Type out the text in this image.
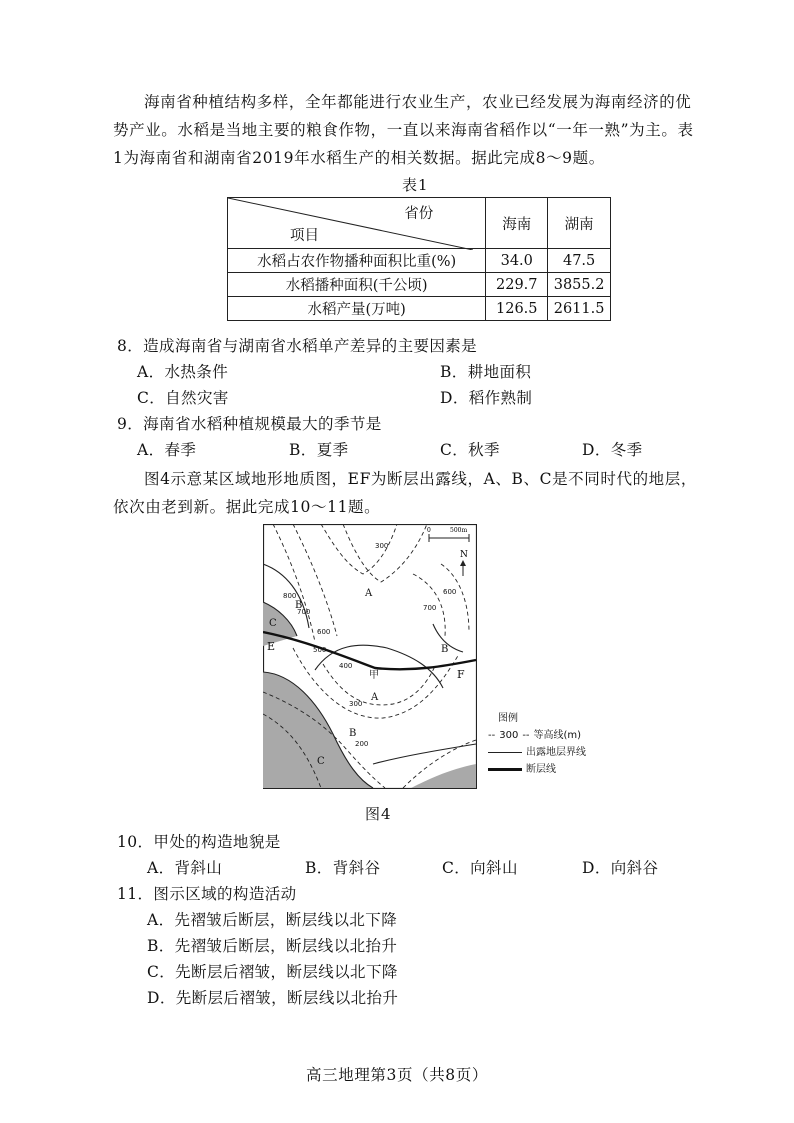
海南省种植结构多样，全年都能进行农业生产，农业已经发展为海南经济的优势产业。水稻是当地主要的粮食作物，一直以来海南省稻作以“一年一熟”为主。表1为海南省和湖南省2019年水稻生产的相关数据。据此完成8～9题。

表1
省份
项目	海南	湖南
水稻占农作物播种面积比重(%)	34.0	47.5
水稻播种面积(千公顷)	229.7	3855.2
水稻产量(万吨)	126.5	2611.5
8．造成海南省与湖南省水稻单产差异的主要因素是
A．水热条件	B．耕地面积
C．自然灾害	D．稻作熟制
9．海南省水稻种植规模最大的季节是
A．春季	B．夏季	C．秋季	D．冬季

图4示意某区域地形地质图，EF为断层出露线，A、B、C是不同时代的地层，依次由老到新。据此完成10～11题。

0	500m
N
A
A
B
B
B
C
C
E
F
甲
300
700
800
700
600
500
400
300
200
600
图例
-- 300 -- 等高线(m)
出露地层界线
断层线
图4
10．甲处的构造地貌是
A．背斜山	B．背斜谷	C．向斜山	D．向斜谷
11．图示区域的构造活动
A．先褶皱后断层，断层线以北下降
B．先褶皱后断层，断层线以北抬升
C．先断层后褶皱，断层线以北下降
D．先断层后褶皱，断层线以北抬升
高三地理第3页（共8页）
